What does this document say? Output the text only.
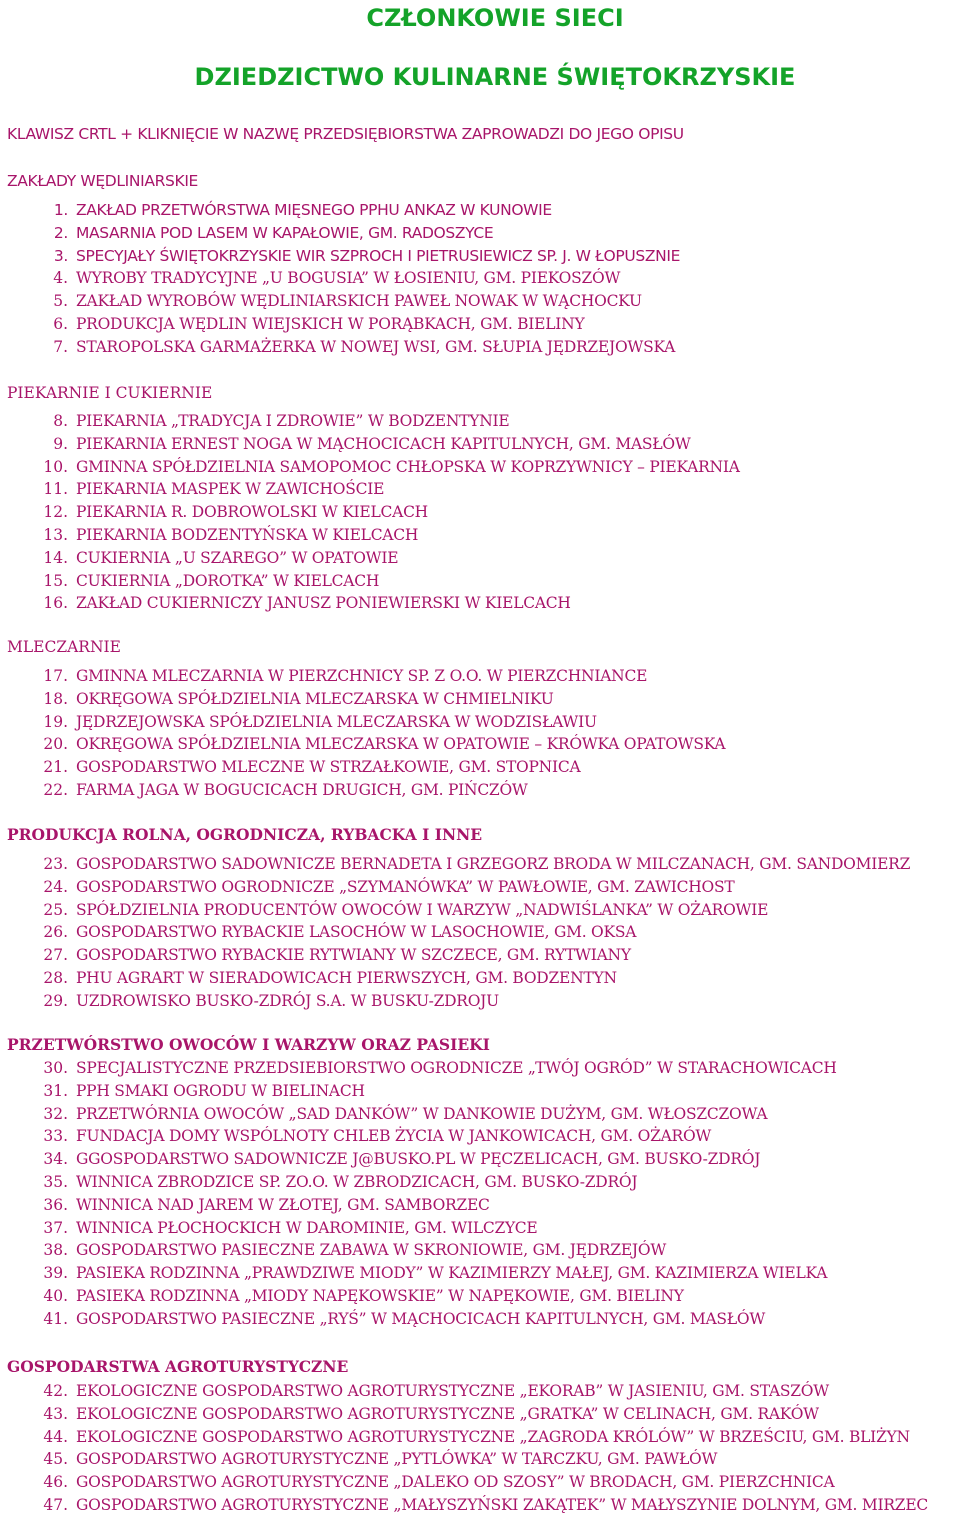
CZŁONKOWIE SIECI
DZIEDZICTWO KULINARNE ŚWIĘTOKRZYSKIE
KLAWISZ CRTL + KLIKNIĘCIE W NAZWĘ PRZEDSIĘBIORSTWA ZAPROWADZI DO JEGO OPISU
ZAKŁADY WĘDLINIARSKIE
1. ZAKŁAD PRZETWÓRSTWA MIĘSNEGO PPHU ANKAZ W KUNOWIE
2. MASARNIA POD LASEM W KAPAŁOWIE, GM. RADOSZYCE
3. SPECYJAŁY ŚWIĘTOKRZYSKIE WIR SZPROCH I PIETRUSIEWICZ SP. J. W ŁOPUSZNIE
4. WYROBY TRADYCYJNE „U BOGUSIA” W ŁOSIENIU, GM. PIEKOSZÓW
5. ZAKŁAD WYROBÓW WĘDLINIARSKICH PAWEŁ NOWAK W WĄCHOCKU
6. PRODUKCJA WĘDLIN WIEJSKICH W PORĄBKACH, GM. BIELINY
7. STAROPOLSKA GARMAŻERKA W NOWEJ WSI, GM. SŁUPIA JĘDRZEJOWSKA
PIEKARNIE I CUKIERNIE
8. PIEKARNIA „TRADYCJA I ZDROWIE” W BODZENTYNIE
9. PIEKARNIA ERNEST NOGA W MĄCHOCICACH KAPITULNYCH, GM. MASŁÓW
10. GMINNA SPÓŁDZIELNIA SAMOPOMOC CHŁOPSKA W KOPRZYWNICY – PIEKARNIA
11. PIEKARNIA MASPEK W ZAWICHOŚCIE
12. PIEKARNIA R. DOBROWOLSKI W KIELCACH
13. PIEKARNIA BODZENTYŃSKA W KIELCACH
14. CUKIERNIA „U SZAREGO” W OPATOWIE
15. CUKIERNIA „DOROTKA” W KIELCACH
16. ZAKŁAD CUKIERNICZY JANUSZ PONIEWIERSKI W KIELCACH
MLECZARNIE
17. GMINNA MLECZARNIA W PIERZCHNICY SP. Z O.O. W PIERZCHNIANCE
18. OKRĘGOWA SPÓŁDZIELNIA MLECZARSKA W CHMIELNIKU
19. JĘDRZEJOWSKA SPÓŁDZIELNIA MLECZARSKA W WODZISŁAWIU
20. OKRĘGOWA SPÓŁDZIELNIA MLECZARSKA W OPATOWIE – KRÓWKA OPATOWSKA
21. GOSPODARSTWO MLECZNE W STRZAŁKOWIE, GM. STOPNICA
22. FARMA JAGA W BOGUCICACH DRUGICH, GM. PIŃCZÓW
PRODUKCJA ROLNA, OGRODNICZA, RYBACKA I INNE
23. GOSPODARSTWO SADOWNICZE BERNADETA I GRZEGORZ BRODA W MILCZANACH, GM. SANDOMIERZ
24. GOSPODARSTWO OGRODNICZE „SZYMANÓWKA” W PAWŁOWIE, GM. ZAWICHOST
25. SPÓŁDZIELNIA PRODUCENTÓW OWOCÓW I WARZYW „NADWIŚLANKA” W OŻAROWIE
26. GOSPODARSTWO RYBACKIE LASOCHÓW W LASOCHOWIE, GM. OKSA
27. GOSPODARSTWO RYBACKIE RYTWIANY W SZCZECE, GM. RYTWIANY
28. PHU AGRART W SIERADOWICACH PIERWSZYCH, GM. BODZENTYN
29. UZDROWISKO BUSKO-ZDRÓJ S.A. W BUSKU-ZDROJU
PRZETWÓRSTWO OWOCÓW I WARZYW ORAZ PASIEKI
30. SPECJALISTYCZNE PRZEDSIEBIORSTWO OGRODNICZE „TWÓJ OGRÓD” W STARACHOWICACH
31. PPH SMAKI OGRODU W BIELINACH
32. PRZETWÓRNIA OWOCÓW „SAD DANKÓW” W DANKOWIE DUŻYM, GM. WŁOSZCZOWA
33. FUNDACJA DOMY WSPÓLNOTY CHLEB ŻYCIA W JANKOWICACH, GM. OŻARÓW
34. GGOSPODARSTWO SADOWNICZE J@BUSKO.PL W PĘCZELICACH, GM. BUSKO-ZDRÓJ
35. WINNICA ZBRODZICE SP. ZO.O. W ZBRODZICACH, GM. BUSKO-ZDRÓJ
36. WINNICA NAD JAREM W ZŁOTEJ, GM. SAMBORZEC
37. WINNICA PŁOCHOCKICH W DAROMINIE, GM. WILCZYCE
38. GOSPODARSTWO PASIECZNE ZABAWA W SKRONIOWIE, GM. JĘDRZEJÓW
39. PASIEKA RODZINNA „PRAWDZIWE MIODY” W KAZIMIERZY MAŁEJ, GM. KAZIMIERZA WIELKA
40. PASIEKA RODZINNA „MIODY NAPĘKOWSKIE” W NAPĘKOWIE, GM. BIELINY
41. GOSPODARSTWO PASIECZNE „RYŚ” W MĄCHOCICACH KAPITULNYCH, GM. MASŁÓW
GOSPODARSTWA AGROTURYSTYCZNE
42. EKOLOGICZNE GOSPODARSTWO AGROTURYSTYCZNE „EKORAB” W JASIENIU, GM. STASZÓW
43. EKOLOGICZNE GOSPODARSTWO AGROTURYSTYCZNE „GRATKA” W CELINACH, GM. RAKÓW
44. EKOLOGICZNE GOSPODARSTWO AGROTURYSTYCZNE „ZAGRODA KRÓLÓW” W BRZEŚCIU, GM. BLIŻYN
45. GOSPODARSTWO AGROTURYSTYCZNE „PYTLÓWKA” W TARCZKU, GM. PAWŁÓW
46. GOSPODARSTWO AGROTURYSTYCZNE „DALEKO OD SZOSY” W BRODACH, GM. PIERZCHNICA
47. GOSPODARSTWO AGROTURYSTYCZNE „MAŁYSZYŃSKI ZAKĄTEK” W MAŁYSZYNIE DOLNYM, GM. MIRZEC
